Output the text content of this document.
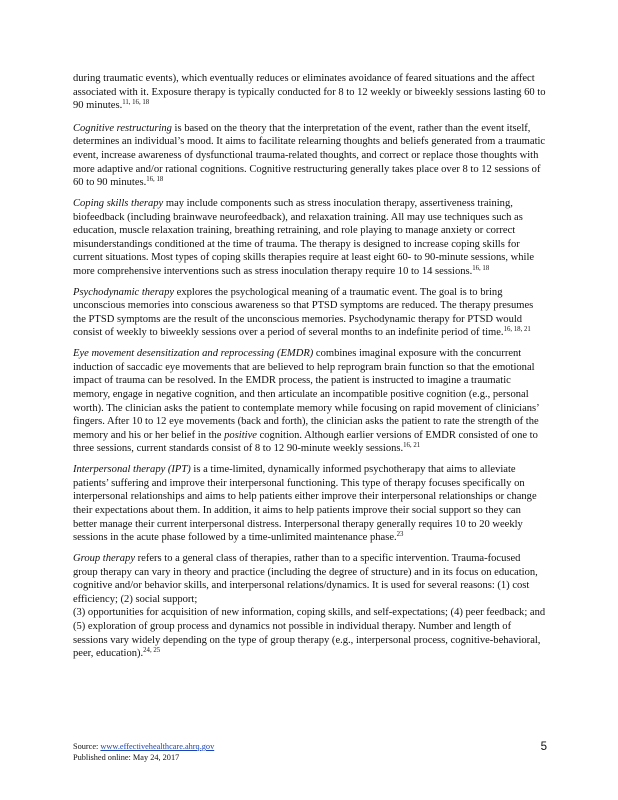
during traumatic events), which eventually reduces or eliminates avoidance of feared situations and the affect associated with it. Exposure therapy is typically conducted for 8 to 12 weekly or biweekly sessions lasting 60 to 90 minutes.$^{11, 16, 18}$

Cognitive restructuring is based on the theory that the interpretation of the event, rather than the event itself, determines an individual’s mood. It aims to facilitate relearning thoughts and beliefs generated from a traumatic event, increase awareness of dysfunctional trauma-related thoughts, and correct or replace those thoughts with more adaptive and/or rational cognitions. Cognitive restructuring generally takes place over 8 to 12 sessions of 60 to 90 minutes.$^{16, 18}$

Coping skills therapy may include components such as stress inoculation therapy, assertiveness training, biofeedback (including brainwave neurofeedback), and relaxation training. All may use techniques such as education, muscle relaxation training, breathing retraining, and role playing to manage anxiety or correct misunderstandings conditioned at the time of trauma. The therapy is designed to increase coping skills for current situations. Most types of coping skills therapies require at least eight 60- to 90-minute sessions, while more comprehensive interventions such as stress inoculation therapy require 10 to 14 sessions.$^{16, 18}$

Psychodynamic therapy explores the psychological meaning of a traumatic event. The goal is to bring unconscious memories into conscious awareness so that PTSD symptoms are reduced. The therapy presumes the PTSD symptoms are the result of the unconscious memories. Psychodynamic therapy for PTSD would consist of weekly to biweekly sessions over a period of several months to an indefinite period of time.$^{16, 18, 21}$

Eye movement desensitization and reprocessing (EMDR) combines imaginal exposure with the concurrent induction of saccadic eye movements that are believed to help reprogram brain function so that the emotional impact of trauma can be resolved. In the EMDR process, the patient is instructed to imagine a traumatic memory, engage in negative cognition, and then articulate an incompatible positive cognition (e.g., personal worth). The clinician asks the patient to contemplate memory while focusing on rapid movement of clinicians’ fingers. After 10 to 12 eye movements (back and forth), the clinician asks the patient to rate the strength of the memory and his or her belief in the positive cognition. Although earlier versions of EMDR consisted of one to three sessions, current standards consist of 8 to 12 90-minute weekly sessions.$^{16, 21}$

Interpersonal therapy (IPT) is a time-limited, dynamically informed psychotherapy that aims to alleviate patients’ suffering and improve their interpersonal functioning. This type of therapy focuses specifically on interpersonal relationships and aims to help patients either improve their interpersonal relationships or change their expectations about them. In addition, it aims to help patients improve their social support so they can better manage their current interpersonal distress. Interpersonal therapy generally requires 10 to 20 weekly sessions in the acute phase followed by a time-unlimited maintenance phase.$^{23}$

Group therapy refers to a general class of therapies, rather than to a specific intervention. Trauma-focused group therapy can vary in theory and practice (including the degree of structure) and in its focus on education, cognitive and/or behavior skills, and interpersonal relations/dynamics. It is used for several reasons: (1) cost efficiency; (2) social support;
(3) opportunities for acquisition of new information, coping skills, and self-expectations; (4) peer feedback; and (5) exploration of group process and dynamics not possible in individual therapy. Number and length of sessions vary widely depending on the type of group therapy (e.g., interpersonal process, cognitive-behavioral, peer, education).$^{24, 25}$

Source: www.effectivehealthcare.ahrq.gov
Published online: May 24, 2017
5
